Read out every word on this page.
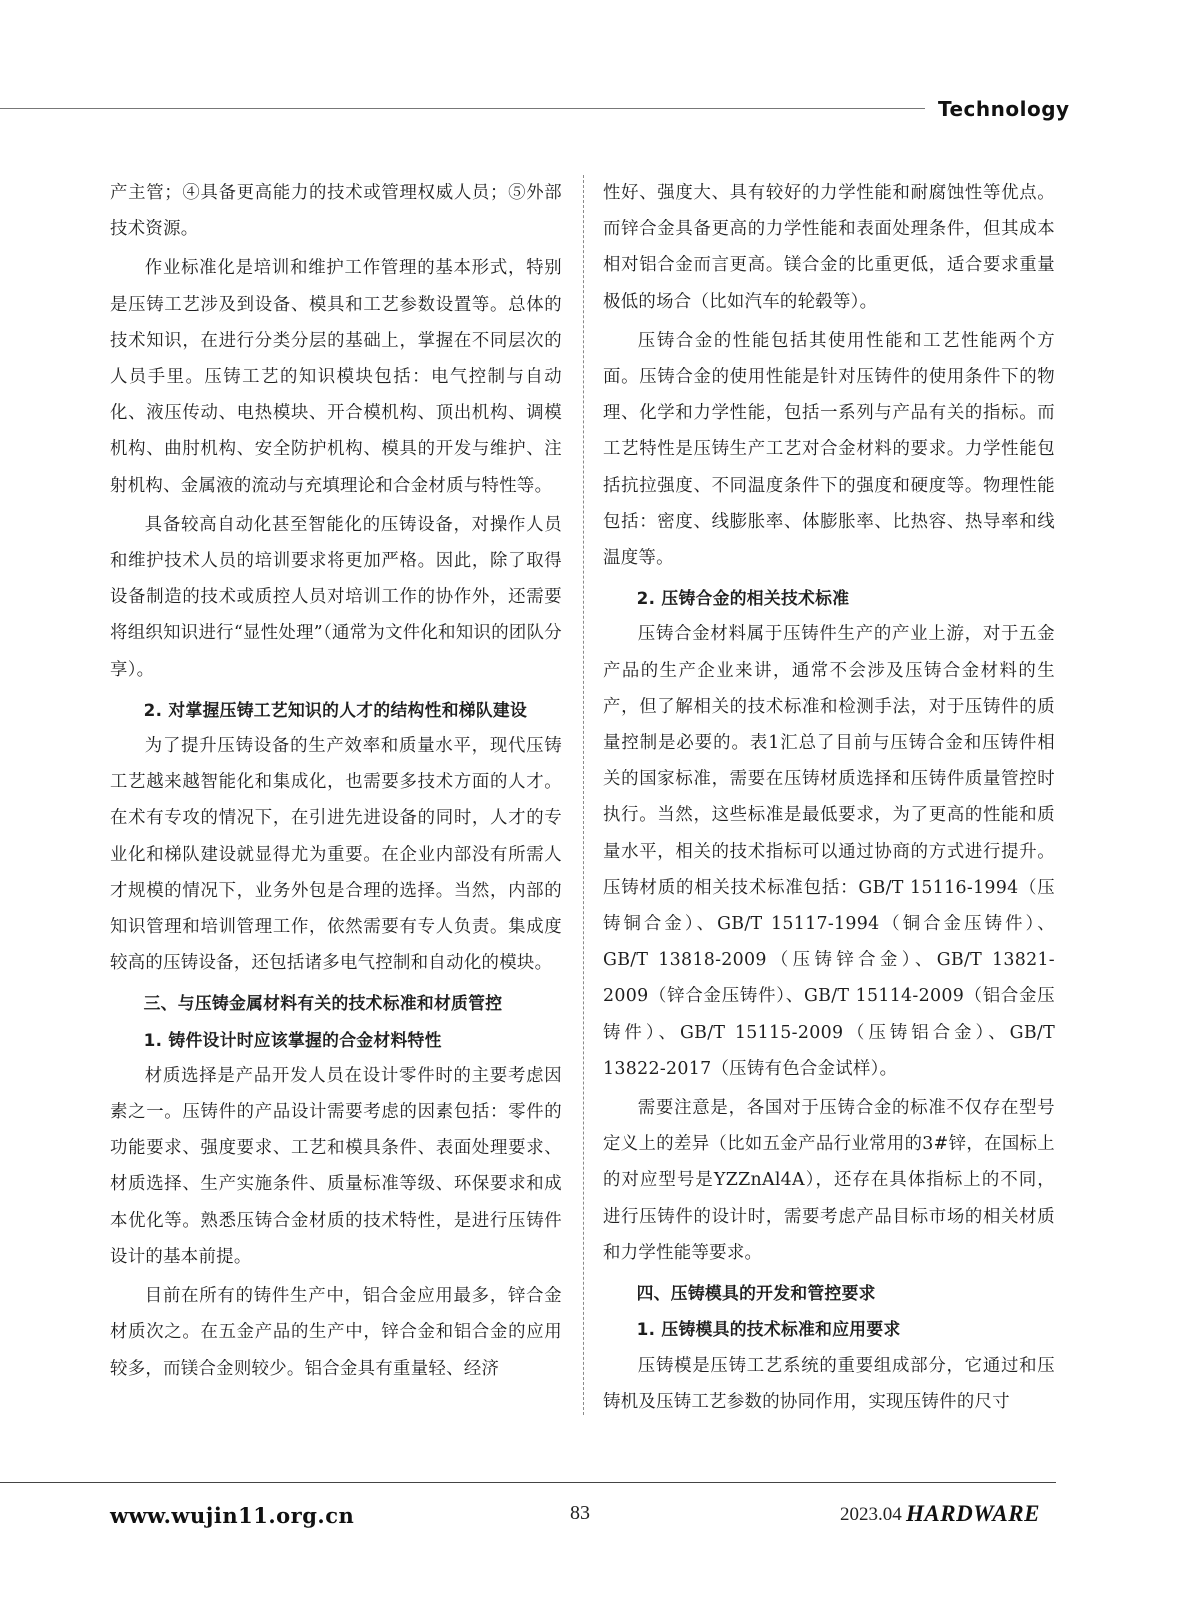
Technology

产主管；④具备更高能力的技术或管理权威人员；⑤外部技术资源。

作业标准化是培训和维护工作管理的基本形式，特别是压铸工艺涉及到设备、模具和工艺参数设置等。总体的技术知识，在进行分类分层的基础上，掌握在不同层次的人员手里。压铸工艺的知识模块包括：电气控制与自动化、液压传动、电热模块、开合模机构、顶出机构、调模机构、曲肘机构、安全防护机构、模具的开发与维护、注射机构、金属液的流动与充填理论和合金材质与特性等。

具备较高自动化甚至智能化的压铸设备，对操作人员和维护技术人员的培训要求将更加严格。因此，除了取得设备制造的技术或质控人员对培训工作的协作外，还需要将组织知识进行“显性处理”（通常为文件化和知识的团队分享）。

2. 对掌握压铸工艺知识的人才的结构性和梯队建设

为了提升压铸设备的生产效率和质量水平，现代压铸工艺越来越智能化和集成化，也需要多技术方面的人才。在术有专攻的情况下，在引进先进设备的同时，人才的专业化和梯队建设就显得尤为重要。在企业内部没有所需人才规模的情况下，业务外包是合理的选择。当然，内部的知识管理和培训管理工作，依然需要有专人负责。集成度较高的压铸设备，还包括诸多电气控制和自动化的模块。

三、与压铸金属材料有关的技术标准和材质管控

1. 铸件设计时应该掌握的合金材料特性

材质选择是产品开发人员在设计零件时的主要考虑因素之一。压铸件的产品设计需要考虑的因素包括：零件的功能要求、强度要求、工艺和模具条件、表面处理要求、材质选择、生产实施条件、质量标准等级、环保要求和成本优化等。熟悉压铸合金材质的技术特性，是进行压铸件设计的基本前提。

目前在所有的铸件生产中，铝合金应用最多，锌合金材质次之。在五金产品的生产中，锌合金和铝合金的应用较多，而镁合金则较少。铝合金具有重量轻、经济

性好、强度大、具有较好的力学性能和耐腐蚀性等优点。而锌合金具备更高的力学性能和表面处理条件，但其成本相对铝合金而言更高。镁合金的比重更低，适合要求重量极低的场合（比如汽车的轮毂等）。

压铸合金的性能包括其使用性能和工艺性能两个方面。压铸合金的使用性能是针对压铸件的使用条件下的物理、化学和力学性能，包括一系列与产品有关的指标。而工艺特性是压铸生产工艺对合金材料的要求。力学性能包括抗拉强度、不同温度条件下的强度和硬度等。物理性能包括：密度、线膨胀率、体膨胀率、比热容、热导率和线温度等。

2. 压铸合金的相关技术标准

压铸合金材料属于压铸件生产的产业上游，对于五金产品的生产企业来讲，通常不会涉及压铸合金材料的生产，但了解相关的技术标准和检测手法，对于压铸件的质量控制是必要的。表1汇总了目前与压铸合金和压铸件相关的国家标准，需要在压铸材质选择和压铸件质量管控时执行。当然，这些标准是最低要求，为了更高的性能和质量水平，相关的技术指标可以通过协商的方式进行提升。压铸材质的相关技术标准包括：GB/T 15116-1994（压铸铜合金）、GB/T 15117-1994（铜合金压铸件）、GB/T 13818-2009（压铸锌合金）、GB/T 13821-2009（锌合金压铸件）、GB/T 15114-2009（铝合金压铸件）、GB/T 15115-2009（压铸铝合金）、GB/T 13822-2017（压铸有色合金试样）。

需要注意是，各国对于压铸合金的标准不仅存在型号定义上的差异（比如五金产品行业常用的3#锌，在国标上的对应型号是YZZnAl4A），还存在具体指标上的不同，进行压铸件的设计时，需要考虑产品目标市场的相关材质和力学性能等要求。

四、压铸模具的开发和管控要求

1. 压铸模具的技术标准和应用要求

压铸模是压铸工艺系统的重要组成部分，它通过和压铸机及压铸工艺参数的协同作用，实现压铸件的尺寸

www.wujin11.org.cn	83	2023.04 HARDWARE
